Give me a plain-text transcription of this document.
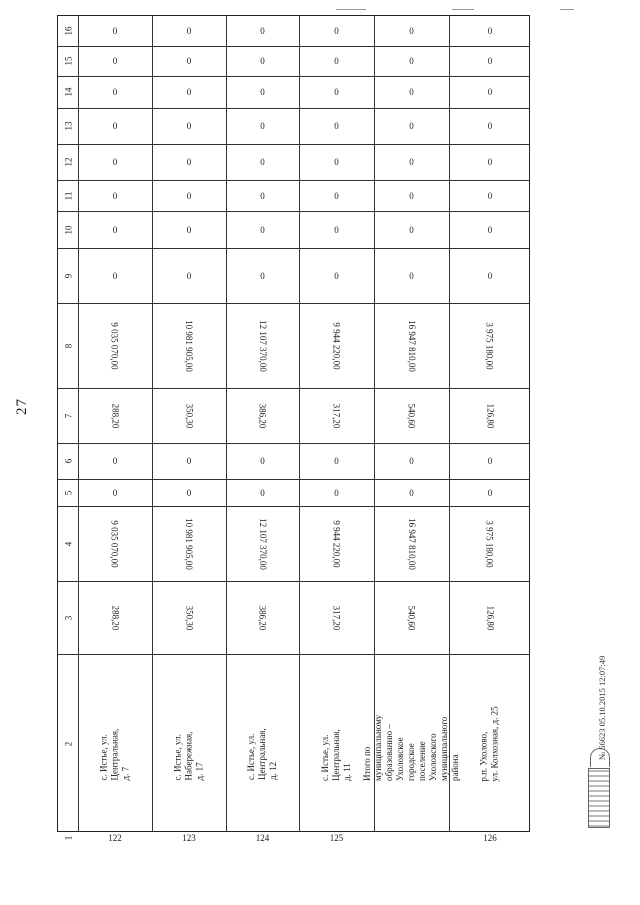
27
16
15
14
13
12
11
10
9
8
7
6
5
4
3
2
1
0
0
0
0
0
0
0
0
9 035 070,00
288,20
0
0
9 035 070,00
288,20
с. Истье, ул. Центральная,
д. 7
122
0
0
0
0
0
0
0
0
10 981 905,00
350,30
0
0
10 981 905,00
350,30
с. Истье, ул. Набережная,
д. 17
123
0
0
0
0
0
0
0
0
12 107 370,00
386,20
0
0
12 107 370,00
386,20
с. Истье, ул. Центральная,
д. 12
124
0
0
0
0
0
0
0
0
9 944 220,00
317,20
0
0
9 944 220,00
317,20
с. Истье, ул. Центральная,
д. 11
125
0
0
0
0
0
0
0
0
16 947 810,00
540,60
0
0
16 947 810,00
540,60
Итого по муниципальному
образованию – Ухоловское городское
поселение Ухоловского
муниципального района
0
0
0
0
0
0
0
0
3 975 180,00
126,80
0
0
3 975 180,00
126,80
р.п. Ухолово,
ул. Колхозная, д. 25
126
№ 56623 05.10.2015 12:07:49
